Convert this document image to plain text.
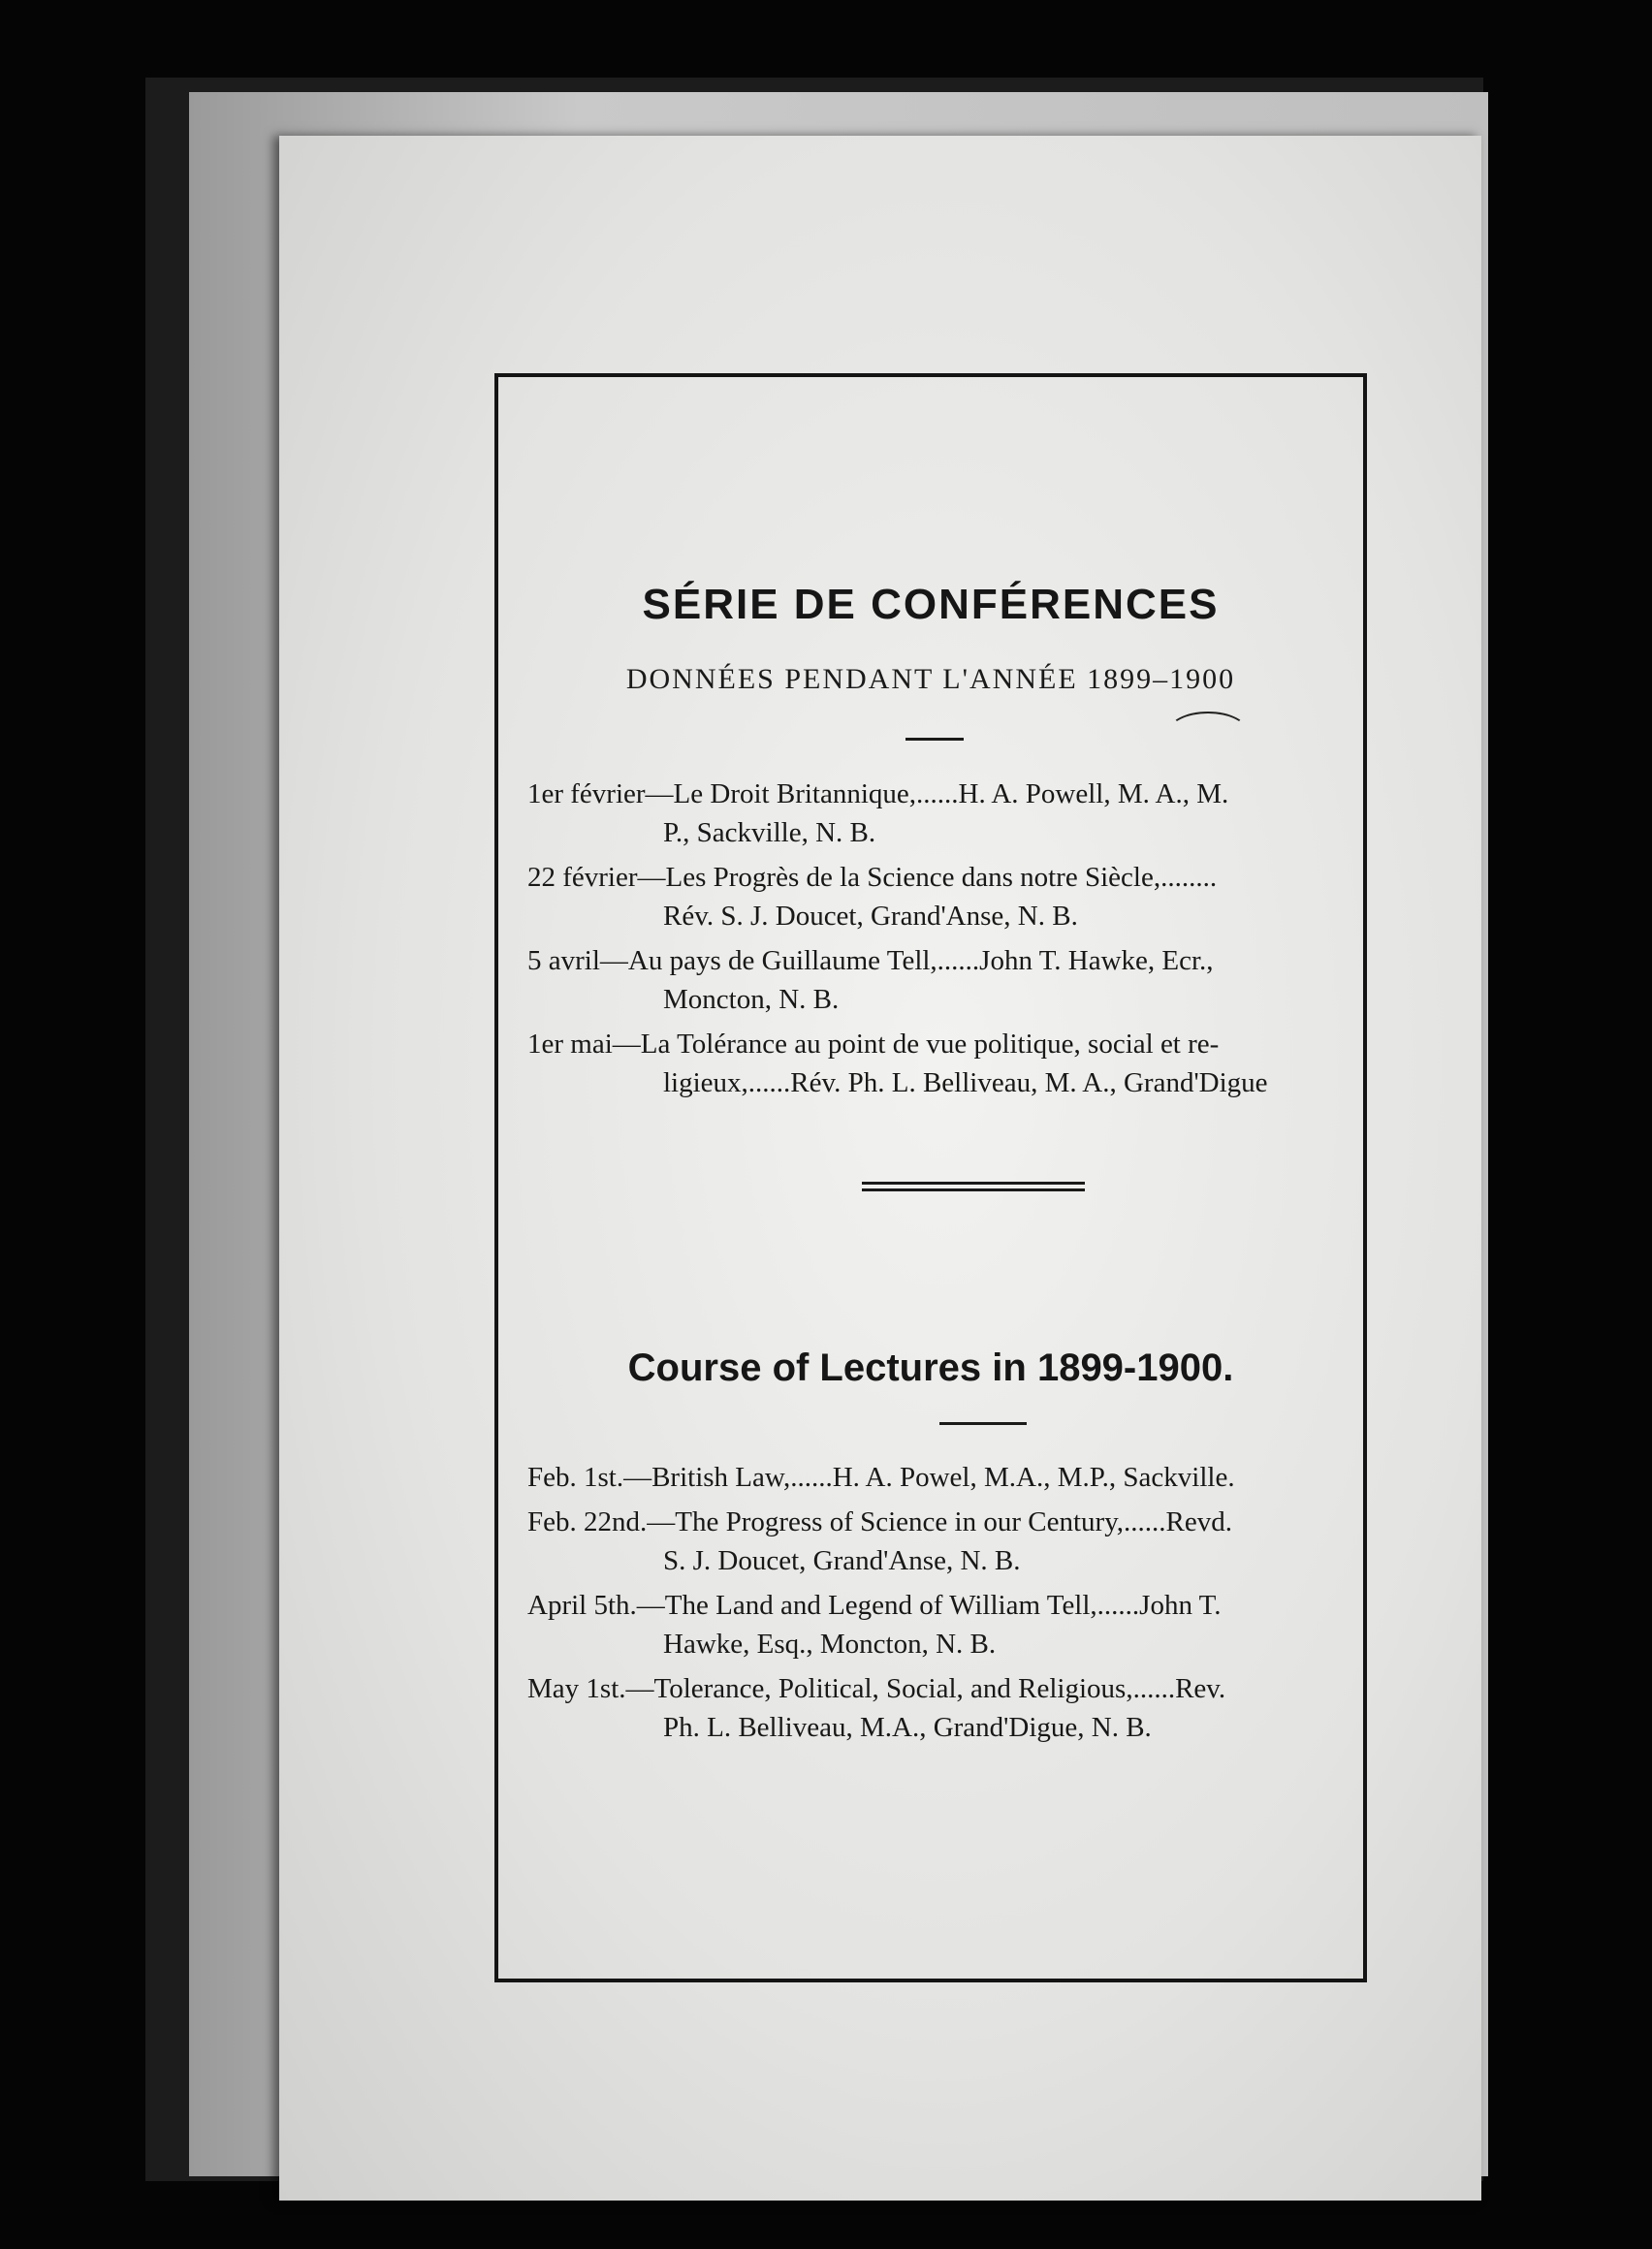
SÉRIE DE CONFÉRENCES
DONNÉES PENDANT L'ANNÉE 1899–1900
1er février—Le Droit Britannique,......H. A. Powell, M. A., M.
P., Sackville, N. B.
22 février—Les Progrès de la Science dans notre Siècle,........
Rév. S. J. Doucet, Grand'Anse, N. B.
5 avril—Au pays de Guillaume Tell,......John T. Hawke, Ecr.,
Moncton, N. B.
1er mai—La Tolérance au point de vue politique, social et re-
ligieux,......Rév. Ph. L. Belliveau, M. A., Grand'Digue
Course of Lectures in 1899-1900.
Feb. 1st.—British Law,......H. A. Powel, M.A., M.P., Sackville.
Feb. 22nd.—The Progress of Science in our Century,......Revd.
S. J. Doucet, Grand'Anse, N. B.
April 5th.—The Land and Legend of William Tell,......John T.
Hawke, Esq., Moncton, N. B.
May 1st.—Tolerance, Political, Social, and Religious,......Rev.
Ph. L. Belliveau, M.A., Grand'Digue, N. B.
